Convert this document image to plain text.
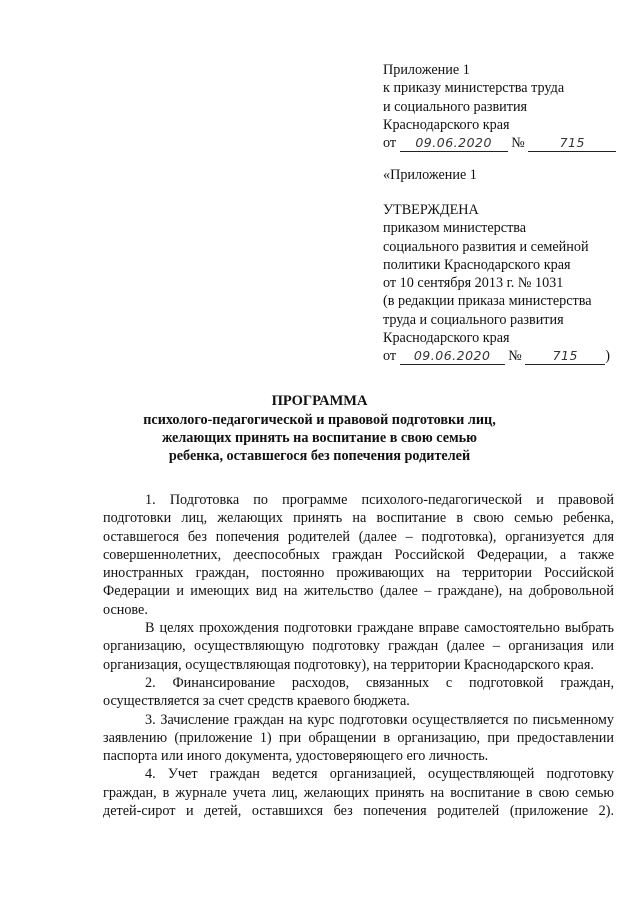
Приложение 1
к приказу министерства труда
и социального развития
Краснодарского края
от 09.06.2020 №	715
«Приложение 1
УТВЕРЖДЕНА
приказом министерства
социального развития и семейной
политики Краснодарского края
от 10 сентября 2013 г. № 1031
(в редакции приказа министерства
труда и социального развития
Краснодарского края
от 09.06.2020 № 715 )
ПРОГРАММА
психолого-педагогической и правовой подготовки лиц,
желающих принять на воспитание в свою семью
ребенка, оставшегося без попечения родителей

1. Подготовка по программе психолого-педагогической и правовой подготовки лиц, желающих принять на воспитание в свою семью ребенка, оставшегося без попечения родителей (далее – подготовка), организуется для совершеннолетних, дееспособных граждан Российской Федерации, а также иностранных граждан, постоянно проживающих на территории Российской Федерации и имеющих вид на жительство (далее – граждане), на добровольной основе.

В целях прохождения подготовки граждане вправе самостоятельно выбрать организацию, осуществляющую подготовку граждан (далее – организация или организация, осуществляющая подготовку), на территории Краснодарского края.

2. Финансирование расходов, связанных с подготовкой граждан, осуществляется за счет средств краевого бюджета.

3. Зачисление граждан на курс подготовки осуществляется по письменному заявлению (приложение 1) при обращении в организацию, при предоставлении паспорта или иного документа, удостоверяющего его личность.

4. Учет граждан ведется организацией, осуществляющей подготовку граждан, в журнале учета лиц, желающих принять на воспитание в свою семью детей-сирот и детей, оставшихся без попечения родителей (приложение 2).
